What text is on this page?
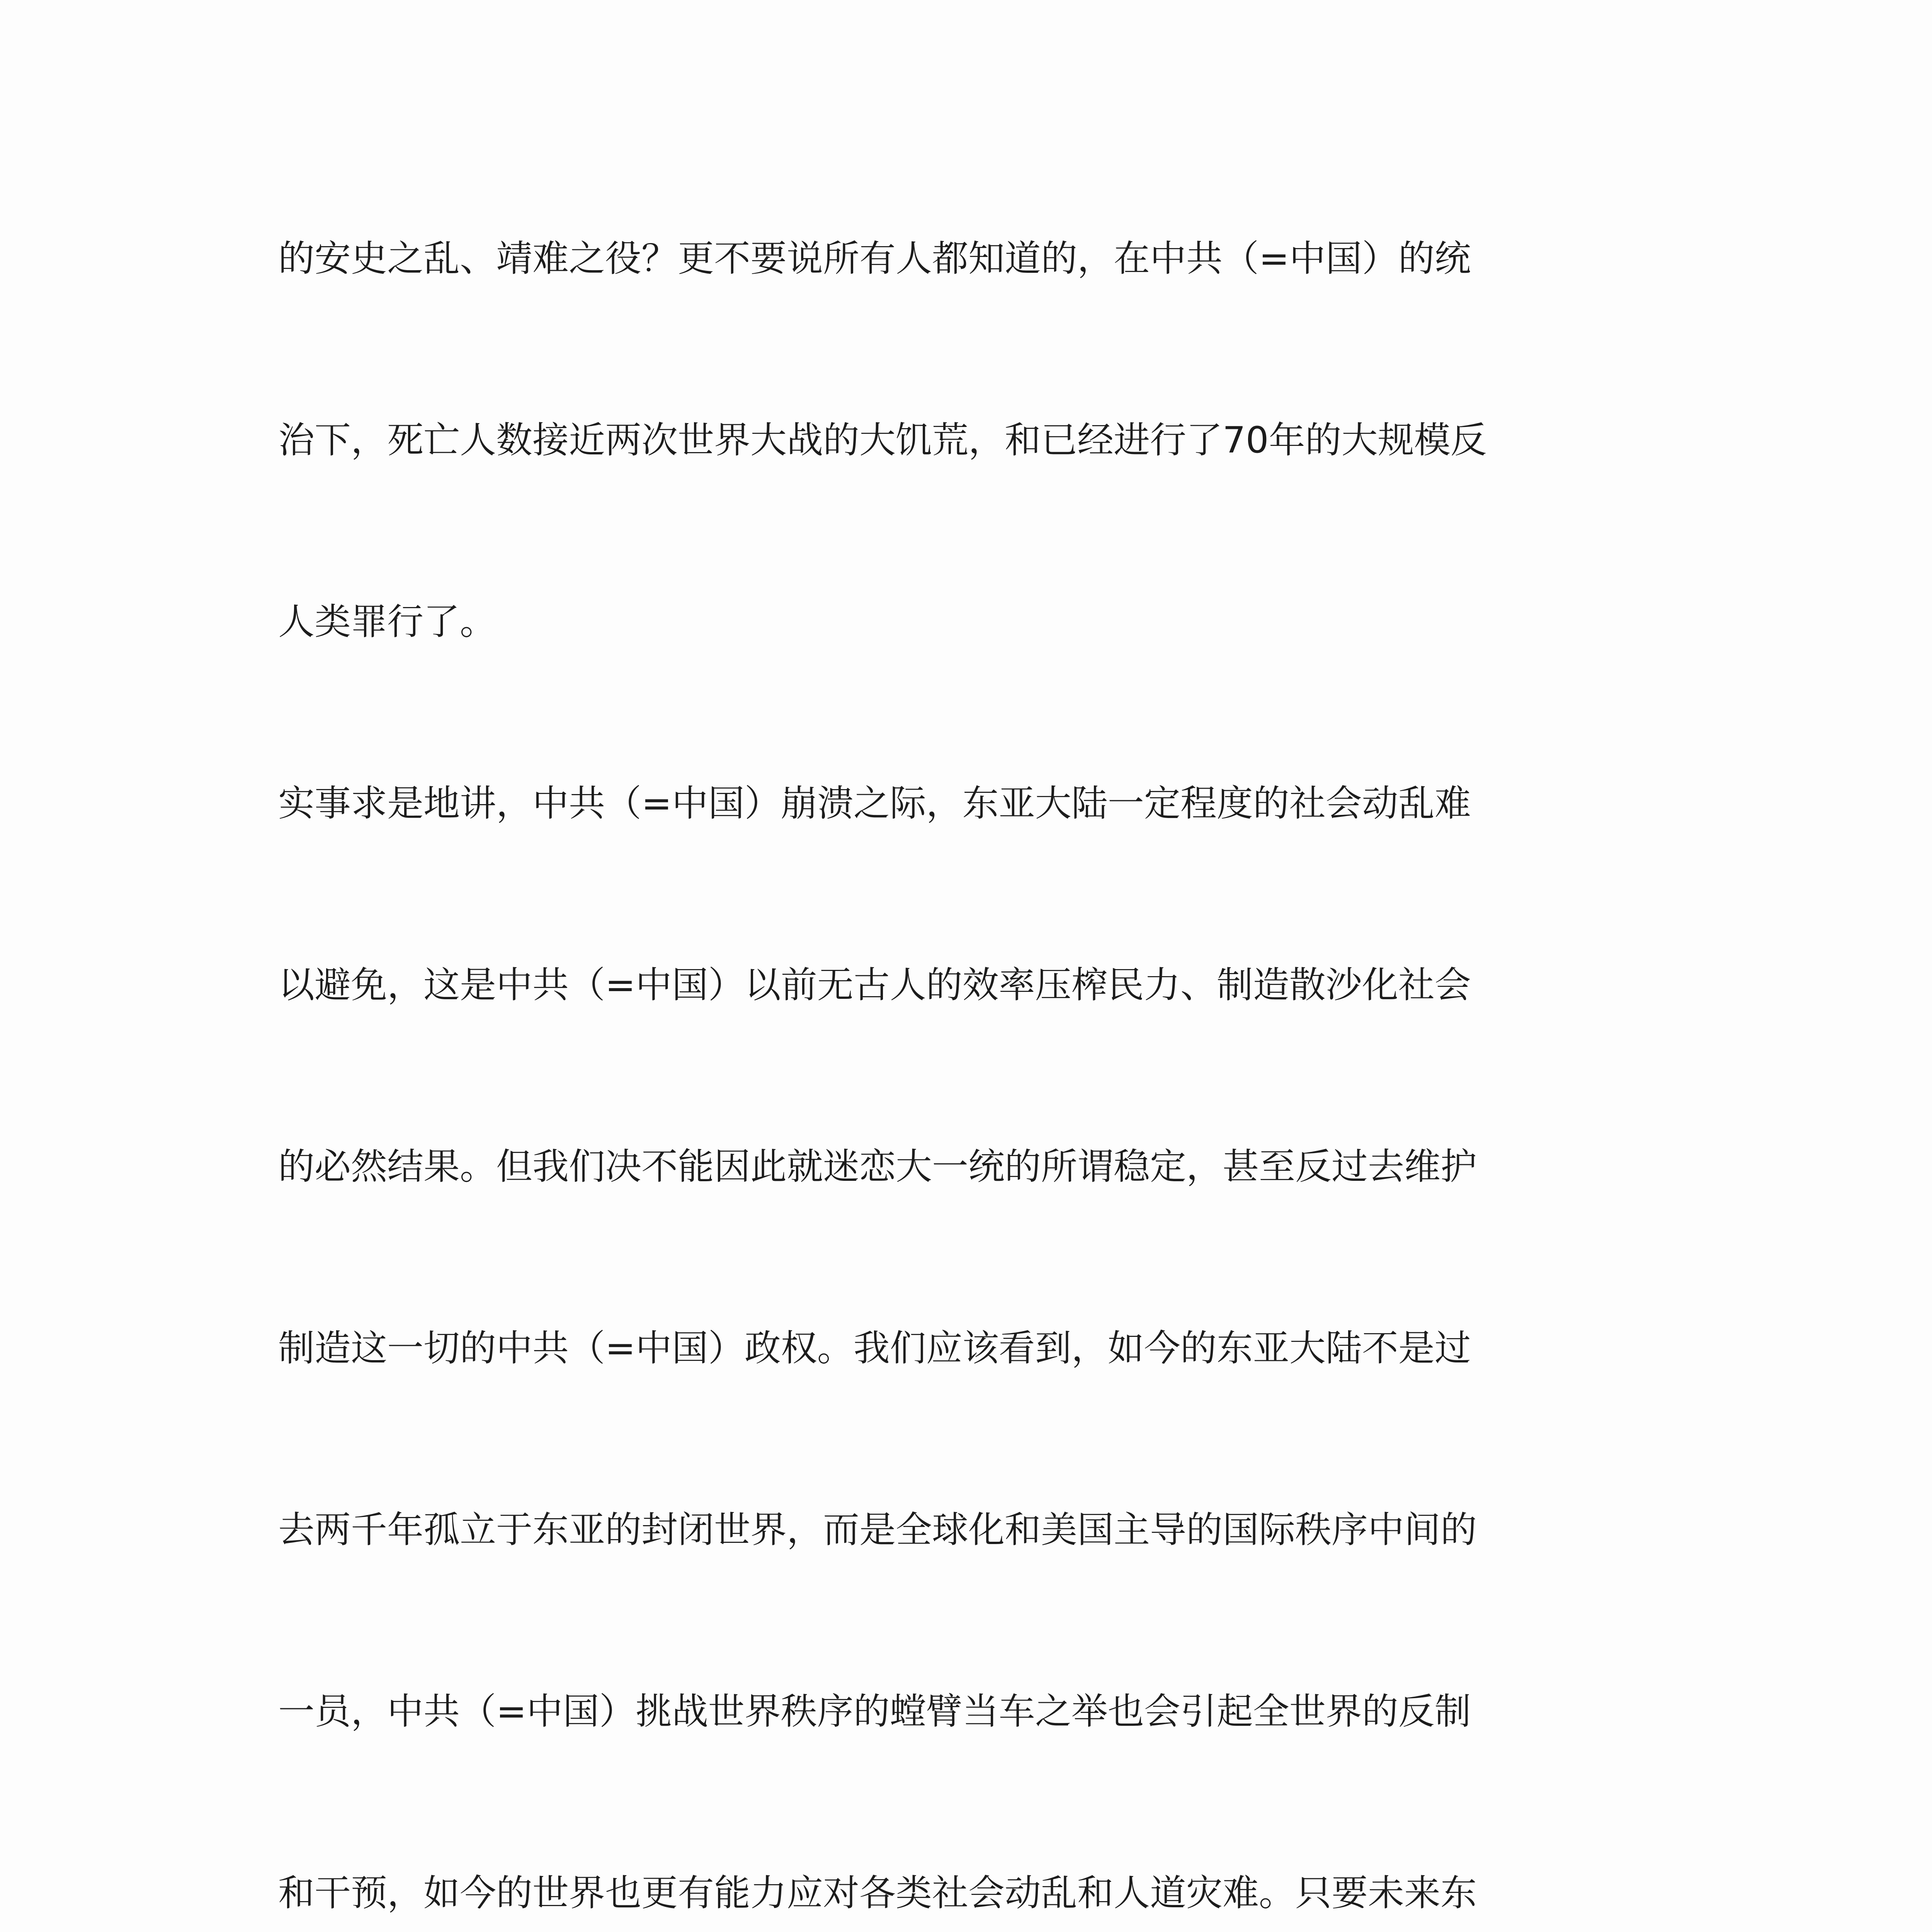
的安史之乱、靖难之役？更不要说所有人都知道的，在中共（=中国）的统
治下，死亡人数接近两次世界大战的大饥荒，和已经进行了70年的大规模反
人类罪行了。
实事求是地讲，中共（=中国）崩溃之际，东亚大陆一定程度的社会动乱难
以避免，这是中共（=中国）以前无古人的效率压榨民力、制造散沙化社会
的必然结果。但我们决不能因此就迷恋大一统的所谓稳定，甚至反过去维护
制造这一切的中共（=中国）政权。我们应该看到，如今的东亚大陆不是过
去两千年孤立于东亚的封闭世界，而是全球化和美国主导的国际秩序中间的
一员，中共（=中国）挑战世界秩序的螳臂当车之举也会引起全世界的反制
和干预，如今的世界也更有能力应对各类社会动乱和人道灾难。只要未来东
